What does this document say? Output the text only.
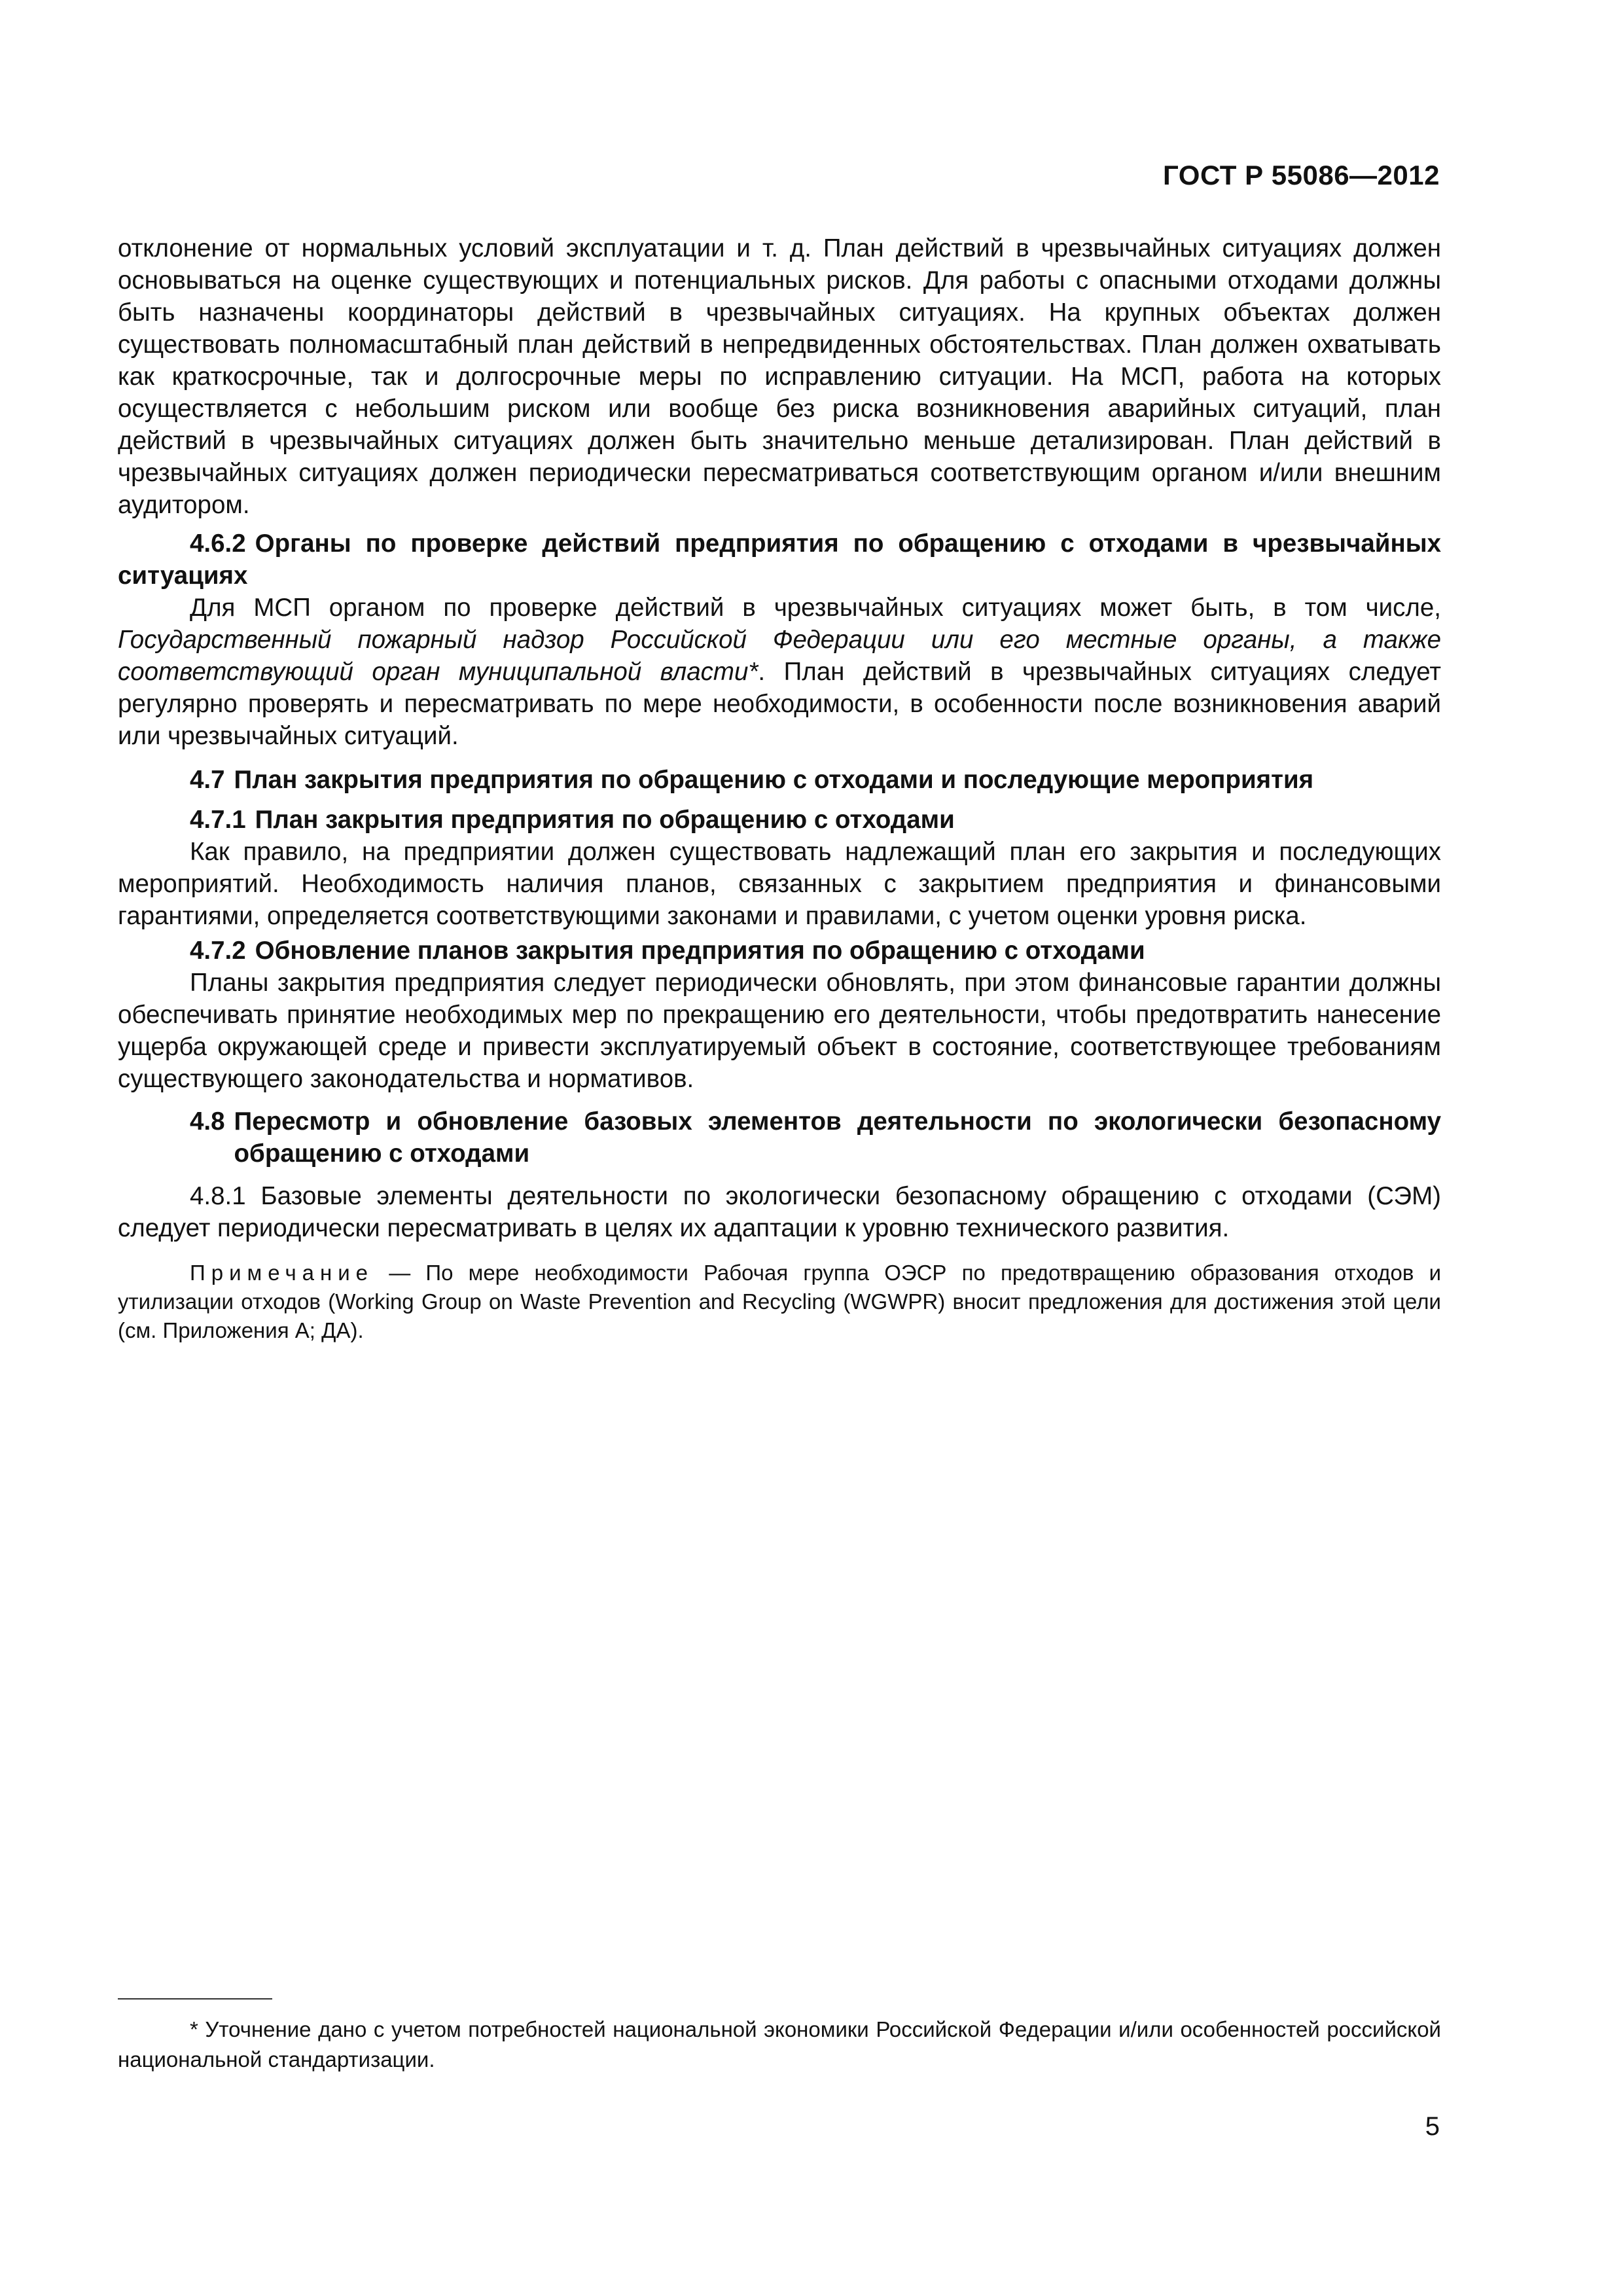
ГОСТ Р 55086—2012

отклонение от нормальных условий эксплуатации и т. д. План действий в чрезвычайных ситуациях должен основываться на оценке существующих и потенциальных рисков. Для работы с опасными отходами должны быть назначены координаторы действий в чрезвычайных ситуациях. На крупных объектах должен существовать полномасштабный план действий в непредвиденных обстоятельствах. План должен охватывать как краткосрочные, так и долгосрочные меры по исправлению ситуации. На МСП, работа на которых осуществляется с небольшим риском или вообще без риска возникновения аварийных ситуаций, план действий в чрезвычайных ситуациях должен быть значительно меньше детализирован. План действий в чрезвычайных ситуациях должен периодически пересматриваться соответствующим органом и/или внешним аудитором.

4.6.2 Органы по проверке действий предприятия по обращению с отходами в чрезвычайных ситуациях

Для МСП органом по проверке действий в чрезвычайных ситуациях может быть, в том числе, Государственный пожарный надзор Российской Федерации или его местные органы, а также соответствующий орган муниципальной власти*. План действий в чрезвычайных ситуациях следует регулярно проверять и пересматривать по мере необходимости, в особенности после возникновения аварий или чрезвычайных ситуаций.

4.7 План закрытия предприятия по обращению с отходами и последующие мероприятия

4.7.1 План закрытия предприятия по обращению с отходами

Как правило, на предприятии должен существовать надлежащий план его закрытия и последующих мероприятий. Необходимость наличия планов, связанных с закрытием предприятия и финансовыми гарантиями, определяется соответствующими законами и правилами, с учетом оценки уровня риска.

4.7.2 Обновление планов закрытия предприятия по обращению с отходами

Планы закрытия предприятия следует периодически обновлять, при этом финансовые гарантии должны обеспечивать принятие необходимых мер по прекращению его деятельности, чтобы предотвратить нанесение ущерба окружающей среде и привести эксплуатируемый объект в состояние, соответствующее требованиям существующего законодательства и нормативов.

4.8 Пересмотр и обновление базовых элементов деятельности по экологически безопасному обращению с отходами

4.8.1 Базовые элементы деятельности по экологически безопасному обращению с отходами (СЭМ) следует периодически пересматривать в целях их адаптации к уровню технического развития.

Примечание — По мере необходимости Рабочая группа ОЭСР по предотвращению образования отходов и утилизации отходов (Working Group on Waste Prevention and Recycling (WGWPR) вносит предложения для достижения этой цели (см. Приложения А; ДА).

* Уточнение дано с учетом потребностей национальной экономики Российской Федерации и/или особенностей российской национальной стандартизации.

5
